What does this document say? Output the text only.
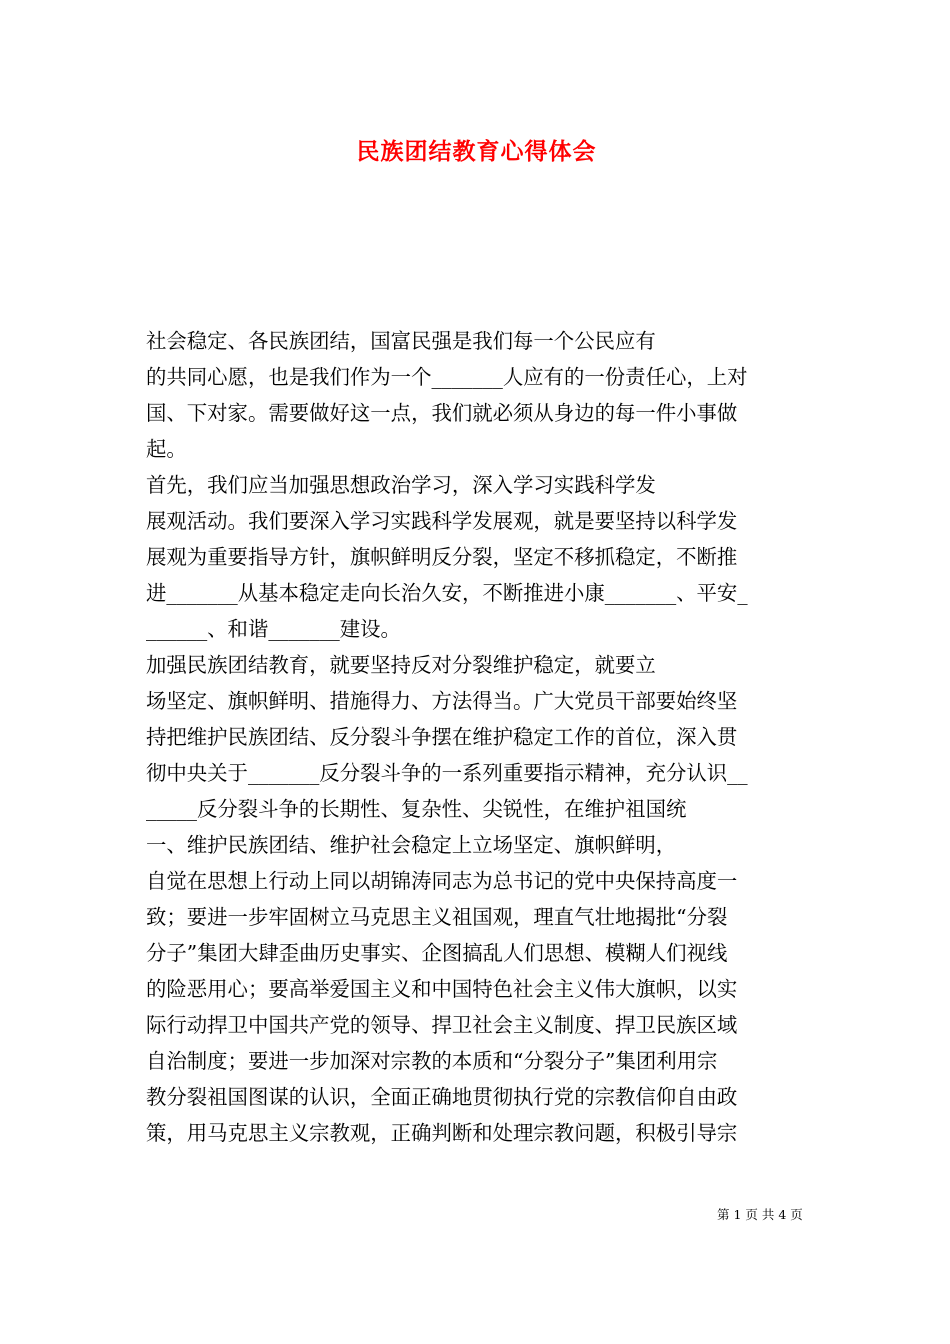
民族团结教育心得体会
社会稳定、各民族团结，国富民强是我们每一个公民应有
的共同心愿，也是我们作为一个_______人应有的一份责任心，上对
国、下对家。需要做好这一点，我们就必须从身边的每一件小事做
起。
首先，我们应当加强思想政治学习，深入学习实践科学发
展观活动。我们要深入学习实践科学发展观，就是要坚持以科学发
展观为重要指导方针，旗帜鲜明反分裂，坚定不移抓稳定，不断推
进_______从基本稳定走向长治久安，不断推进小康_______、平安_
______、和谐_______建设。
加强民族团结教育，就要坚持反对分裂维护稳定，就要立
场坚定、旗帜鲜明、措施得力、方法得当。广大党员干部要始终坚
持把维护民族团结、反分裂斗争摆在维护稳定工作的首位，深入贯
彻中央关于_______反分裂斗争的一系列重要指示精神，充分认识__
_____反分裂斗争的长期性、复杂性、尖锐性，在维护祖国统
一、维护民族团结、维护社会稳定上立场坚定、旗帜鲜明，
自觉在思想上行动上同以胡锦涛同志为总书记的党中央保持高度一
致；要进一步牢固树立马克思主义祖国观，理直气壮地揭批“分裂
分子”集团大肆歪曲历史事实、企图搞乱人们思想、模糊人们视线
的险恶用心；要高举爱国主义和中国特色社会主义伟大旗帜，以实
际行动捍卫中国共产党的领导、捍卫社会主义制度、捍卫民族区域
自治制度；要进一步加深对宗教的本质和“分裂分子”集团利用宗
教分裂祖国图谋的认识，全面正确地贯彻执行党的宗教信仰自由政
策，用马克思主义宗教观，正确判断和处理宗教问题，积极引导宗
第 1 页 共 4 页
